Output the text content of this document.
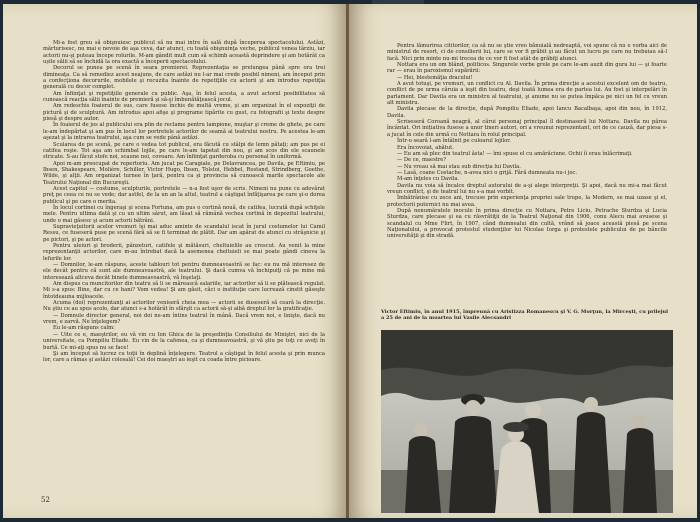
Mi-a fost greu să obişnuiesc publicul să nu mai intre în sală după începerea spectacolului. Astăzi, mărturisesc, nu mai e nevoie de aşa ceva, dar atunci, cu toată obişnuinţa veche, publicul venea târziu, iar actorii nu-şi puteau începe rolurile. M-am gândit mult cum să schimb această deprindere şi am hotărât ca ușile sălii să se închidă la ora exactă a începerii spectacolului.

Decorul se punea pe scenă în seara premierei. Reprezentaţia se prelungea până spre ora trei dimineaţa. Ca să remediez acest neajuns, de care astăzi nu l-ar mai crede posibil nimeni, am început prin a confecţiona decorurile, mobilele şi recuzita înainte de repetiţiile cu actorii şi am introdus repetiţia generală cu decor complet.

Am înfiinţat şi repetiţiile generale cu public. Aşa, în felul acesta, a avut actorul posibilitatea să cunoască reacţia sălii înainte de premieră şi să-şi îmbunătăţească jocul.

Am redeschis foaierul de sus, care fusese închis de multă vreme, şi am organizat în el expoziţii de pictură şi de sculptură. Am introdus apoi afişe şi programe tipărite cu gust, cu fotografii şi texte despre piesă şi despre autor.

În foaierul de jos al publicului era plin de reclame pentru lampione, muştar şi creme de ghete, pe care le-am îndepărtat şi am pus în locul lor portretele actorilor de seamă ai teatrului nostru. Pe acestea le-am aşezat şi la intrarea teatrului, aşa cum se vede până astăzi.

Scularea de pe scenă, pe care o vedea tot publicul, era făcută cu stâlpi de lemn pătaţi; am pus pe ei catifea roşie. Tot aşa am schimbat lojile, pe care le-am tapetat din nou, şi am scos din ele scaunele stricate. S-au făcut stofe noi, scaune noi, covoare. Am înfiinţat garderoba cu personal în uniformă.

Apoi m-am preocupat de repertoriu. Am jucat pe Caragiale, pe Delavrancea, pe Davila, pe Eftimiu, pe Ibsen, Shakespeare, Molière, Schiller, Victor Hugo, Ibsen, Tolstoi, Hebbel, Rostand, Strindberg, Goethe, Wilde, şi alţii. Am organizat turnee în ţară, pentru ca şi provincia să cunoască marile spectacole ale Teatrului Naţional din Bucureşti.

Acest capitol — costume, sculpturile, portretele — n-a fost uşor de scris. Nimeni nu pune cu adevărat preţ pe ceea ce nu se vede; dar astfel, de la un an la altul, teatrul a câştigat înfăţişarea pe care şi-o dorea publicul şi pe care o merita.

În locul cortinei cu îngeraşi şi scena Fortuna, am pus o cortină nouă, de catifea, lucrată după schiţele mele. Pentru ultima dată şi cu un ultim sărut, am lăsat să rămână vechea cortină în depozitul teatrului, unde o mai găsesc şi acum actorii bătrâni.

Supravieţuitorii acelor vremuri îşi mai aduc aminte de scandalul iscat în jurul costumelor lui Camil Ressu, ce fuseseră puse pe scenă fără să se fi terminat de plătit. Dar am apărat de atunci cu străşnicie şi pe pictori, şi pe actori.

Pentru uleiuri şi broderii, pânzeturi, catifele şi mătăsuri, cheltuielile au crescut. Au venit la mine reprezentanţii actorilor, care m-au întrebat dacă la asemenea cheltuieli se mai poate gândi cineva la lefurile lor.

— Domnilor, le-am răspuns, aceste tablouri tot pentru dumneavoastră se fac: eu nu mă interesez de ele decât pentru că sunt ale dumneavoastră, ale teatrului. Şi dacă cumva vă închipuiţi că pe mine mă interesează altceva decât binele dumneavoastră, vă înşelaţi.

Am dispus ca muncitorilor din teatru să li se mărească salariile, iar actorilor să li se plătească regulat. Mi s-a spus: Bine, dar cu ce bani? Vom vedea! Şi am găsit, căci o instituţie care lucrează cinstit găseşte întotdeauna mijloacele.

Acuma (doi) reprezentanţi ai actorilor veniseră cheia mea — actorii se duseseră să ceară la direcţie. Nu ştiu ce au spus acolo, dar atunci s-a hotărât în sfârşit ca actorii să-şi aibă dreptul lor la gratificaţie.

— Domnule director general, noi doi ne-am întins teatrul în mână. Dacă vrem noi, e linişte, dacă nu vrem, e zarvă. Ne înţelegem?

Eu le-am răspuns calm:

— Uite ce e, maeştrilor, eu vă vin cu Ion Ghica de la preşedinţia Consiliului de Miniştri, nici de la universitate, ca Pompiliu Eliade. Eu vin de la cafenea, ca şi dumneavoastră, şi vă ştiu pe toţi ce aveţi în burtă. Ce mi-aţi spus nu se face!

Şi am început să lucrez cu toţii în deplină înţelegere. Teatrul a câştigat în felul acesta şi prin munca lor, care a rămas şi astăzi colosală! Cei doi maeştri au ieşit cu coada între picioare.

52

Pentru lămurirea cititorilor, ca să nu se ştie vreo bănuială nedreaptă, voi spune că nu e vorba aici de ministrul de resort, ci de consilierii lui, care se vor fi grăbit şi au făcut un lucru pe care nu trebuiau să-l facă. Nici prin minte nu-mi trecea de ce vor fi fost atât de grăbiţi atunci.

Nottara era un om blând, politicos. Singurele vorbe grele pe care le-am auzit din gura lui — şi foarte rar — erau în paroxismul supărării:

— Hei, blestemăţia dracului!

A avut totuşi, pe vremuri, un conflict cu Al. Davila. În prima direcţie a acestui excelent om de teatru, conflict de pe urma căruia a ieşit din teatru, deşi toată lumea era de partea lui. Au fost şi interpelări în parlament. Dar Davila era un ministru al teatrului, şi anume nu se putea împăca pe nici un fel cu vreun alt ministru.

Davila plecase de la direcţie, după Pompiliu Eliade, apoi Iancu Bacalbaşa, apoi din nou, în 1912, Davila.

Scriseseră Coroană neagră, al cărui personaj principal îl destinaseră lui Nottara. Davila nu părea încântat. Ori inițiativa fusese a unor tineri autori, ori a vreunui reprezentant, ori de ce cauză, dar piesa s-a jucat în cele din urmă cu Nottara în rolul principal.

Într-o seară l-am întâlnit pe culoarul lojilor.

Era încovoiat, abătut.

— Eu am să plec din teatrul ăsta! — îmi spuse el cu amărăciune. Ochii îi erau înlăcrimaţi.

— De ce, maestre?

— Nu vreau să mai stau sub direcţia lui Davila.

— Lasă, coane Costache, n-avea nici o grijă. Fără dumneata nu-i joc.

M-am înţeles cu Davila.

Davila nu voia să încalce dreptul autorului de a-şi alege interpreţii. Şi apoi, dacă nu mi-a mai făcut vreun conflict, şi de teatrul lui nu s-a mai vorbit.

Îmbătrânise cu zece ani, trecuse prin experienţa propriei sale trupe, la Modern, se mai uzase şi el, protectorii puternici nu mai avea.

După nenumăratele inocule în prima direcţie cu Nottara, Petre Liciu, Petrache Sturdza şi Lucia Sturdza, care plecase şi ea cu răsvrătiţii de la Teatrul Naţional din 1906, conu Alecu mai avusese şi scandalul cu Mme Flirt, în 1907, când dumnealui din cultă, vrând să joace această piesă pe scena Naţionalului, a provocat protestul studenţilor lui Nicolae Iorga şi protestele publicului de pe băncile universităţii şi din stradă.

Victor Eftimiu, în anul 1915, împreună cu Aristizza Romanescu şi V. G. Morţun, la Mircești, cu prilejul a 25 de ani de la moartea lui Vasile Alecsandri
